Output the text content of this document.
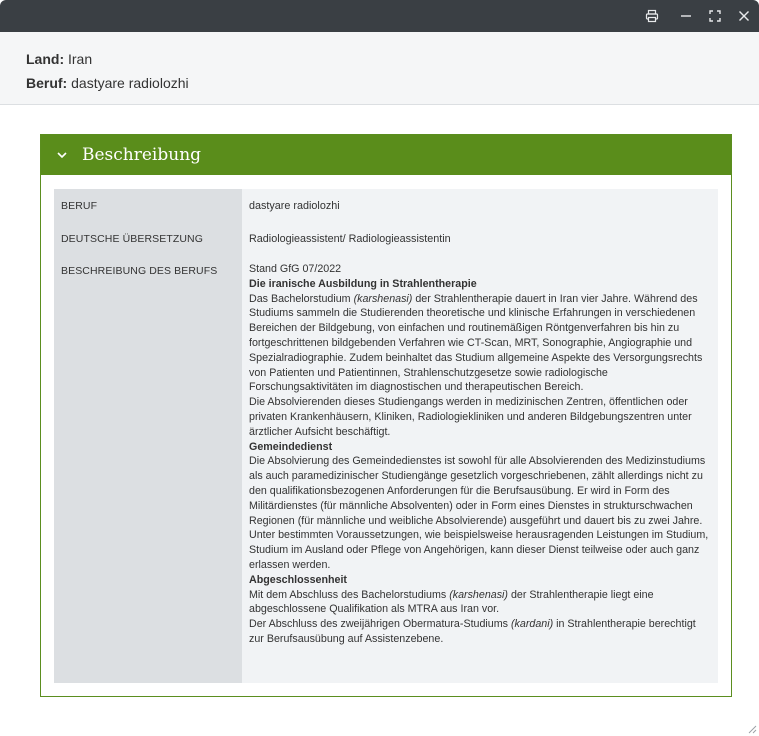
Land: Iran
Beruf: dastyare radiolozhi
Beschreibung
BERUF	dastyare radiolozhi
DEUTSCHE ÜBERSETZUNG	Radiologieassistent/ Radiologieassistentin
BESCHREIBUNG DES BERUFS	Stand GfG 07/2022

Die iranische Ausbildung in Strahlentherapie

Das Bachelorstudium (karshenasi) der Strahlentherapie dauert in Iran vier Jahre. Während des Studiums sammeln die Studierenden theoretische und klinische Erfahrungen in verschiedenen Bereichen der Bildgebung, von einfachen und routinemäßigen Röntgenverfahren bis hin zu fortgeschrittenen bildgebenden Verfahren wie CT-Scan, MRT, Sonographie, Angiographie und Spezialradiographie. Zudem beinhaltet das Studium allgemeine Aspekte des Versorgungsrechts von Patienten und Patientinnen, Strahlenschutzgesetze sowie radiologische Forschungsaktivitäten im diagnostischen und therapeutischen Bereich.

Die Absolvierenden dieses Studiengangs werden in medizinischen Zentren, öffentlichen oder privaten Krankenhäusern, Kliniken, Radiologiekliniken und anderen Bildgebungszentren unter ärztlicher Aufsicht beschäftigt.

Gemeindedienst

Die Absolvierung des Gemeindedienstes ist sowohl für alle Absolvierenden des Medizinstudiums als auch paramedizinischer Studiengänge gesetzlich vorgeschriebenen, zählt allerdings nicht zu den qualifikationsbezogenen Anforderungen für die Berufsausübung. Er wird in Form des Militärdienstes (für männliche Absolventen) oder in Form eines Dienstes in strukturschwachen Regionen (für männliche und weibliche Absolvierende) ausgeführt und dauert bis zu zwei Jahre. Unter bestimmten Voraussetzungen, wie beispielsweise herausragenden Leistungen im Studium, Studium im Ausland oder Pflege von Angehörigen, kann dieser Dienst teilweise oder auch ganz erlassen werden.

Abgeschlossenheit

Mit dem Abschluss des Bachelorstudiums (karshenasi) der Strahlentherapie liegt eine abgeschlossene Qualifikation als MTRA aus Iran vor.

Der Abschluss des zweijährigen Obermatura-Studiums (kardani) in Strahlentherapie berechtigt zur Berufsausübung auf Assistenzebene.
